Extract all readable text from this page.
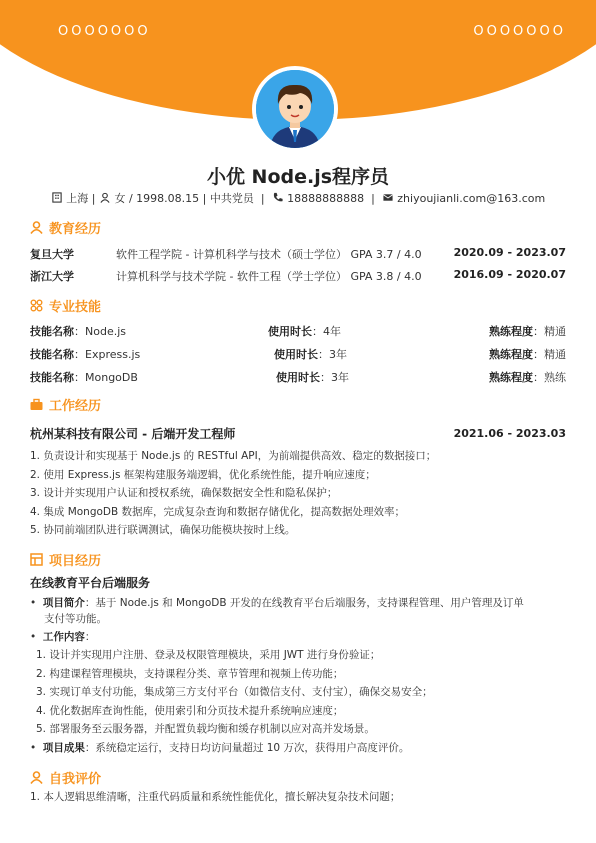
OOOOOOO	OOOOOOO
小优 Node.js程序员
上海 | 女 / 1998.08.15 | 中共党员 | 18888888888 | zhiyoujianli.com@163.com
教育经历
复旦大学	软件工程学院 - 计算机科学与技术（硕士学位） GPA 3.7 / 4.0	2020.09 - 2023.07
浙江大学	计算机科学与技术学院 - 软件工程（学士学位） GPA 3.8 / 4.0	2016.09 - 2020.07
专业技能
技能名称：Node.js	使用时长：4年	熟练程度：精通
技能名称：Express.js	使用时长：3年	熟练程度：精通
技能名称：MongoDB	使用时长：3年	熟练程度：熟练
工作经历
杭州某科技有限公司 - 后端开发工程师	2021.06 - 2023.03
1. 负责设计和实现基于 Node.js 的 RESTful API，为前端提供高效、稳定的数据接口；
2. 使用 Express.js 框架构建服务端逻辑，优化系统性能，提升响应速度；
3. 设计并实现用户认证和授权系统，确保数据安全性和隐私保护；
4. 集成 MongoDB 数据库，完成复杂查询和数据存储优化，提高数据处理效率；
5. 协同前端团队进行联调测试，确保功能模块按时上线。
项目经历
在线教育平台后端服务
•  项目简介：基于 Node.js 和 MongoDB 开发的在线教育平台后端服务，支持课程管理、用户管理及订单
支付等功能。
•  工作内容：
1. 设计并实现用户注册、登录及权限管理模块，采用 JWT 进行身份验证；
2. 构建课程管理模块，支持课程分类、章节管理和视频上传功能；
3. 实现订单支付功能，集成第三方支付平台（如微信支付、支付宝），确保交易安全；
4. 优化数据库查询性能，使用索引和分页技术提升系统响应速度；
5. 部署服务至云服务器，并配置负载均衡和缓存机制以应对高并发场景。
•  项目成果：系统稳定运行，支持日均访问量超过 10 万次，获得用户高度评价。
自我评价
1. 本人逻辑思维清晰，注重代码质量和系统性能优化，擅长解决复杂技术问题；
